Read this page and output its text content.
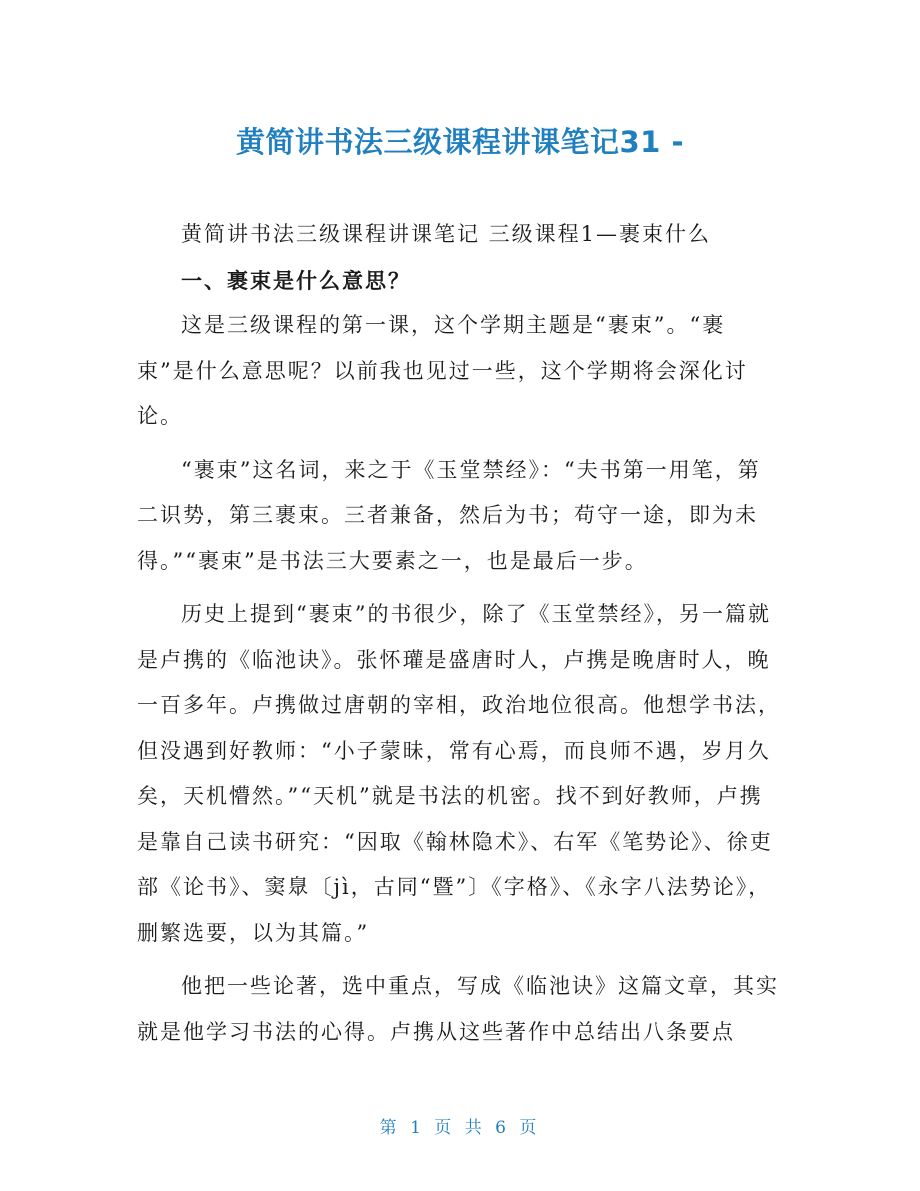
黄简讲书法三级课程讲课笔记31 -

黄简讲书法三级课程讲课笔记 三级课程1—裹束什么

一、裹束是什么意思？

这是三级课程的第一课，这个学期主题是“裹束”。“裹束”是什么意思呢？以前我也见过一些，这个学期将会深化讨论。

“裹束”这名词，来之于《玉堂禁经》：“夫书第一用笔，第二识势，第三裹束。三者兼备，然后为书；苟守一途，即为未得。”“裹束”是书法三大要素之一，也是最后一步。

历史上提到“裹束”的书很少，除了《玉堂禁经》，另一篇就是卢携的《临池诀》。张怀瓘是盛唐时人，卢携是晚唐时人，晚一百多年。卢携做过唐朝的宰相，政治地位很高。他想学书法，但没遇到好教师：“小子蒙昧，常有心焉，而良师不遇，岁月久矣，天机懵然。”“天机”就是书法的机密。找不到好教师，卢携是靠自己读书研究：“因取《翰林隐术》、右军《笔势论》、徐吏部《论书》、窦臮〔jì，古同“暨”〕《字格》、《永字八法势论》，删繁选要，以为其篇。”

他把一些论著，选中重点，写成《临池诀》这篇文章，其实就是他学习书法的心得。卢携从这些著作中总结出八条要点

第 1 页 共 6 页
